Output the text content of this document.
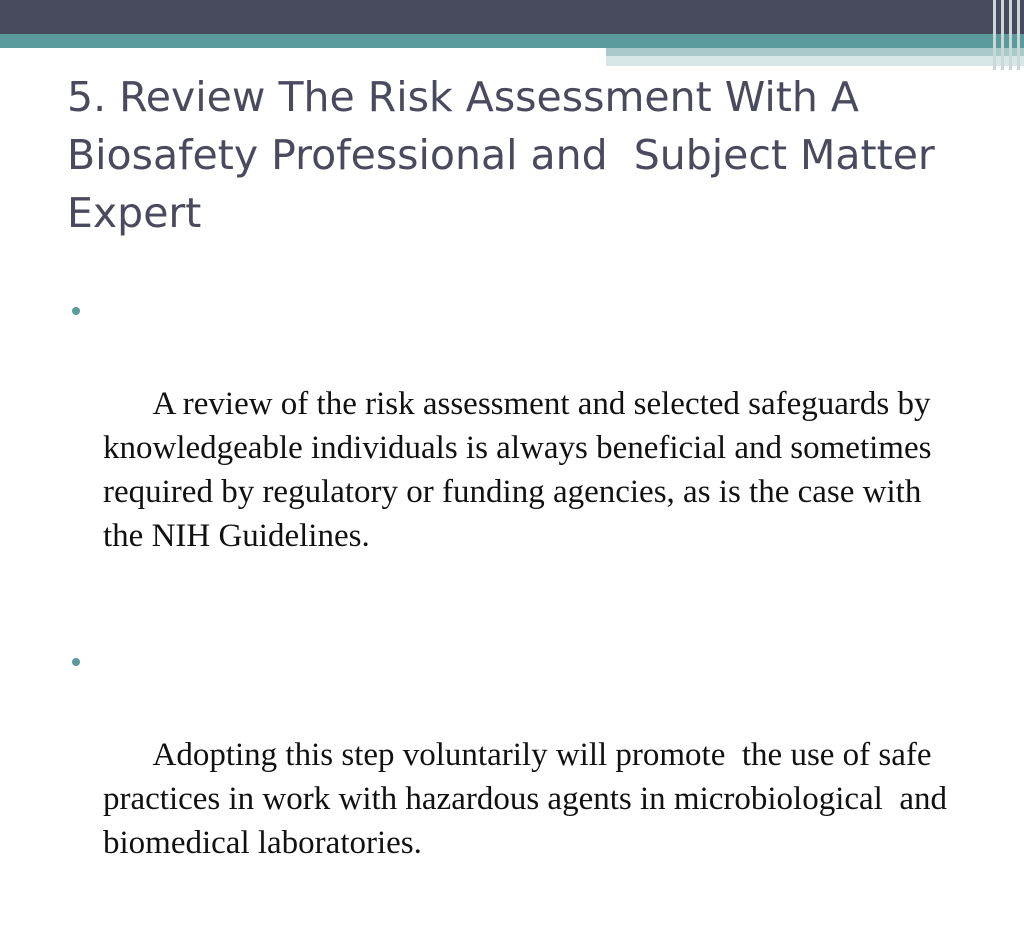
5. Review The Risk Assessment With A Biosafety Professional and  Subject Matter Expert

A review of the risk assessment and selected safeguards by knowledgeable individuals is always beneficial and sometimes required by regulatory or funding agencies, as is the case with  the NIH Guidelines.

Adopting this step voluntarily will promote  the use of safe practices in work with hazardous agents in microbiological  and biomedical laboratories.
